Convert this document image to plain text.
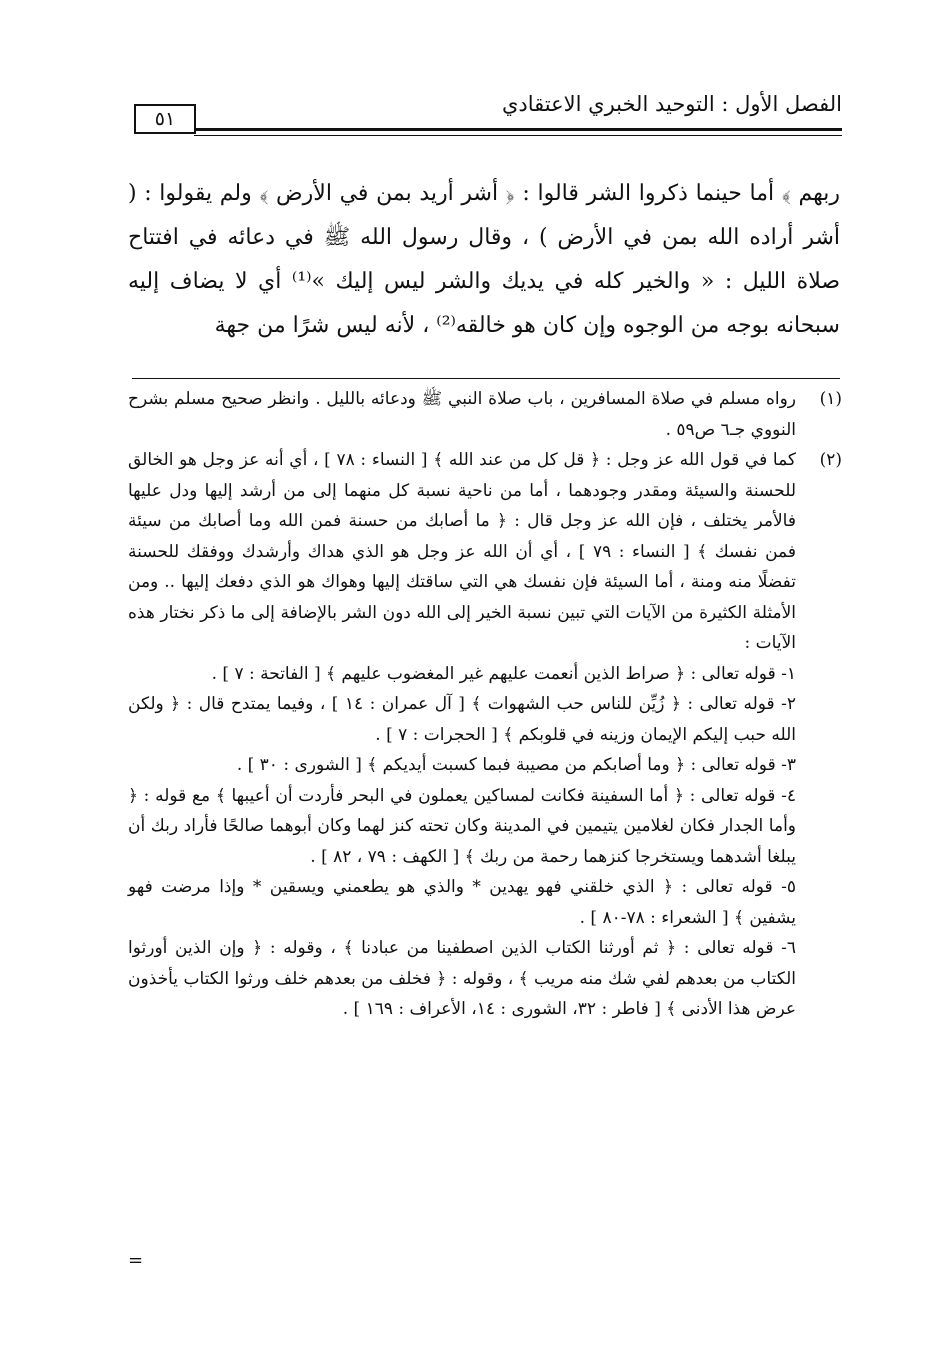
الفصل الأول : التوحيد الخبري الاعتقادي
٥١

ربهم ﴾ أما حينما ذكروا الشر قالوا : ﴿ أشر أريد بمن في الأرض ﴾ ولم يقولوا : ( أشر أراده الله بمن في الأرض ) ، وقال رسول الله ﷺ في دعائه في افتتاح صلاة الليل : « والخير كله في يديك والشر ليس إليك »⁽¹⁾ أي لا يضاف إليه سبحانه بوجه من الوجوه وإن كان هو خالقه⁽²⁾ ، لأنه ليس شرًا من جهة

(١)
رواه مسلم في صلاة المسافرين ، باب صلاة النبي ﷺ ودعائه بالليل . وانظر صحيح مسلم بشرح النووي جـ٦ ص٥٩ .
(٢)
كما في قول الله عز وجل : ﴿ قل كل من عند الله ﴾ [ النساء : ٧٨ ] ، أي أنه عز وجل هو الخالق للحسنة والسيئة ومقدر وجودهما ، أما من ناحية نسبة كل منهما إلى من أرشد إليها ودل عليها فالأمر يختلف ، فإن الله عز وجل قال : ﴿ ما أصابك من حسنة فمن الله وما أصابك من سيئة فمن نفسك ﴾ [ النساء : ٧٩ ] ، أي أن الله عز وجل هو الذي هداك وأرشدك ووفقك للحسنة تفضلًا منه ومنة ، أما السيئة فإن نفسك هي التي ساقتك إليها وهواك هو الذي دفعك إليها .. ومن الأمثلة الكثيرة من الآيات التي تبين نسبة الخير إلى الله دون الشر بالإضافة إلى ما ذكر نختار هذه الآيات :
١- قوله تعالى : ﴿ صراط الذين أنعمت عليهم غير المغضوب عليهم ﴾ [ الفاتحة : ٧ ] .
٢- قوله تعالى : ﴿ زُيِّن للناس حب الشهوات ﴾ [ آل عمران : ١٤ ] ، وفيما يمتدح قال : ﴿ ولكن الله حبب إليكم الإيمان وزينه في قلوبكم ﴾ [ الحجرات : ٧ ] .
٣- قوله تعالى : ﴿ وما أصابكم من مصيبة فبما كسبت أيديكم ﴾ [ الشورى : ٣٠ ] .
٤- قوله تعالى : ﴿ أما السفينة فكانت لمساكين يعملون في البحر فأردت أن أعيبها ﴾ مع قوله : ﴿ وأما الجدار فكان لغلامين يتيمين في المدينة وكان تحته كنز لهما وكان أبوهما صالحًا فأراد ربك أن يبلغا أشدهما ويستخرجا كنزهما رحمة من ربك ﴾ [ الكهف : ٧٩ ، ٨٢ ] .
٥- قوله تعالى : ﴿ الذي خلقني فهو يهدين * والذي هو يطعمني ويسقين * وإذا مرضت فهو يشفين ﴾ [ الشعراء : ٧٨-٨٠ ] .
٦- قوله تعالى : ﴿ ثم أورثنا الكتاب الذين اصطفينا من عبادنا ﴾ ، وقوله : ﴿ وإن الذين أورثوا الكتاب من بعدهم لفي شك منه مريب ﴾ ، وقوله : ﴿ فخلف من بعدهم خلف ورثوا الكتاب يأخذون عرض هذا الأدنى ﴾ [ فاطر : ٣٢، الشورى : ١٤، الأعراف : ١٦٩ ] .
=
